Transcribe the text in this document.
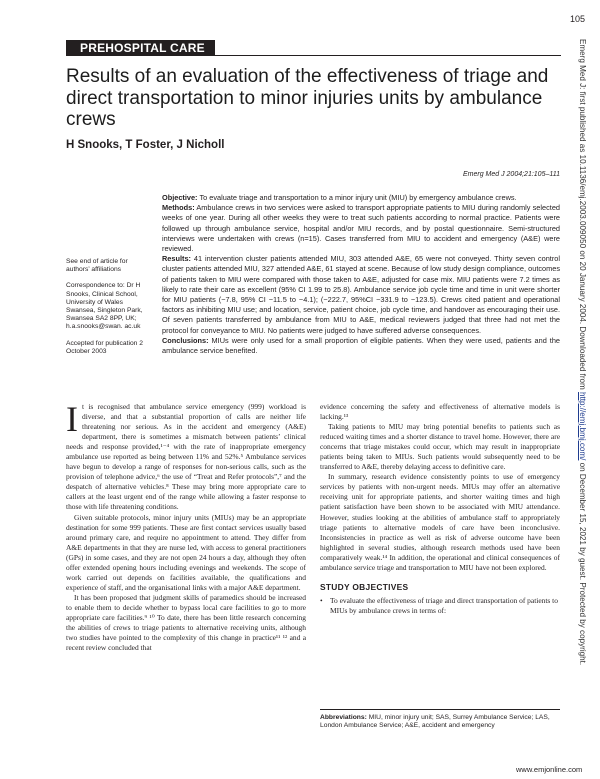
105
PREHOSPITAL CARE
Results of an evaluation of the effectiveness of triage and direct transportation to minor injuries units by ambulance crews
H Snooks, T Foster, J Nicholl
Emerg Med J 2004;21:105–111

Objective: To evaluate triage and transportation to a minor injury unit (MIU) by emergency ambulance crews.

Methods: Ambulance crews in two services were asked to transport appropriate patients to MIU during randomly selected weeks of one year. During all other weeks they were to treat such patients according to normal practice. Patients were followed up through ambulance service, hospital and/or MIU records, and by postal questionnaire. Semi-structured interviews were undertaken with crews (n=15). Cases transferred from MIU to accident and emergency (A&E) were reviewed.

Results: 41 intervention cluster patients attended MIU, 303 attended A&E, 65 were not conveyed. Thirty seven control cluster patients attended MIU, 327 attended A&E, 61 stayed at scene. Because of low study design compliance, outcomes of patients taken to MIU were compared with those taken to A&E, adjusted for case mix. MIU patients were 7.2 times as likely to rate their care as excellent (95% CI 1.99 to 25.8). Ambulance service job cycle time and time in unit were shorter for MIU patients (−7.8, 95% CI −11.5 to −4.1); (−222.7, 95%CI −331.9 to −123.5). Crews cited patient and operational factors as inhibiting MIU use; and location, service, patient choice, job cycle time, and handover as encouraging their use. Of seven patients transferred by ambulance from MIU to A&E, medical reviewers judged that three had not met the protocol for conveyance to MIU. No patients were judged to have suffered adverse consequences.

Conclusions: MIUs were only used for a small proportion of eligible patients. When they were used, patients and the ambulance service benefited.

See end of article for authors’ affiliations

Correspondence to: Dr H Snooks, Clinical School, University of Wales Swansea, Singleton Park, Swansea SA2 8PP, UK; h.a.snooks@swan. ac.uk

Accepted for publication 2 October 2003	Emerg Med J: first published as 10.1136/emj.2003.009050 on 20 January 2004. Downloaded from http://emj.bmj.com/ on December 15, 2021 by guest. Protected by copyright.

It is recognised that ambulance service emergency (999) workload is diverse, and that a substantial proportion of calls are neither life threatening nor serious. As in the accident and emergency (A&E) department, there is sometimes a mismatch between patients’ clinical needs and response provided,¹⁻⁴ with the rate of inappropriate emergency ambulance use reported as being between 11% and 52%.⁵ Ambulance services have begun to develop a range of responses for non-serious calls, such as the provision of telephone advice,⁶ the use of “Treat and Refer protocols”,⁷ and the despatch of alternative vehicles.⁸ These may bring more appropriate care to callers at the least urgent end of the range while allowing a faster response to those with life threatening conditions.

Given suitable protocols, minor injury units (MIUs) may be an appropriate destination for some 999 patients. These are first contact services usually based around primary care, and require no appointment to attend. They differ from A&E departments in that they are nurse led, with access to general practitioners (GPs) in some cases, and they are not open 24 hours a day, although they often offer extended opening hours including evenings and weekends. The scope of work carried out depends on facilities available, the qualifications and experience of staff, and the organisational links with a major A&E department.

It has been proposed that judgment skills of paramedics should be increased to enable them to decide whether to bypass local care facilities to go to more appropriate care facilities.⁹ ¹⁰ To date, there has been little research concerning the abilities of crews to triage patients to alternative receiving units, although two studies have pointed to the complexity of this change in practice¹¹ ¹² and a recent review concluded that

evidence concerning the safety and effectiveness of alternative models is lacking.¹³

Taking patients to MIU may bring potential benefits to patients such as reduced waiting times and a shorter distance to travel home. However, there are concerns that triage mistakes could occur, which may result in inappropriate patients being taken to MIUs. Such patients would subsequently need to be transferred to A&E, thereby delaying access to definitive care.

In summary, research evidence consistently points to use of emergency services by patients with non-urgent needs. MIUs may offer an alternative receiving unit for appropriate patients, and shorter waiting times and high patient satisfaction have been shown to be associated with MIU attendance. However, studies looking at the abilities of ambulance staff to appropriately triage patients to alternative models of care have been inconclusive. Inconsistencies in practice as well as risk of adverse outcome have been highlighted in several studies, although research methods used have been comparatively weak.¹⁴ In addition, the operational and clinical consequences of ambulance service triage and transportation to MIU have not been explored.

STUDY OBJECTIVES
• To evaluate the effectiveness of triage and direct transportation of patients to MIUs by ambulance crews in terms of:
Abbreviations: MIU, minor injury unit; SAS, Surrey Ambulance Service; LAS, London Ambulance Service; A&E, accident and emergency
www.emjonline.com
